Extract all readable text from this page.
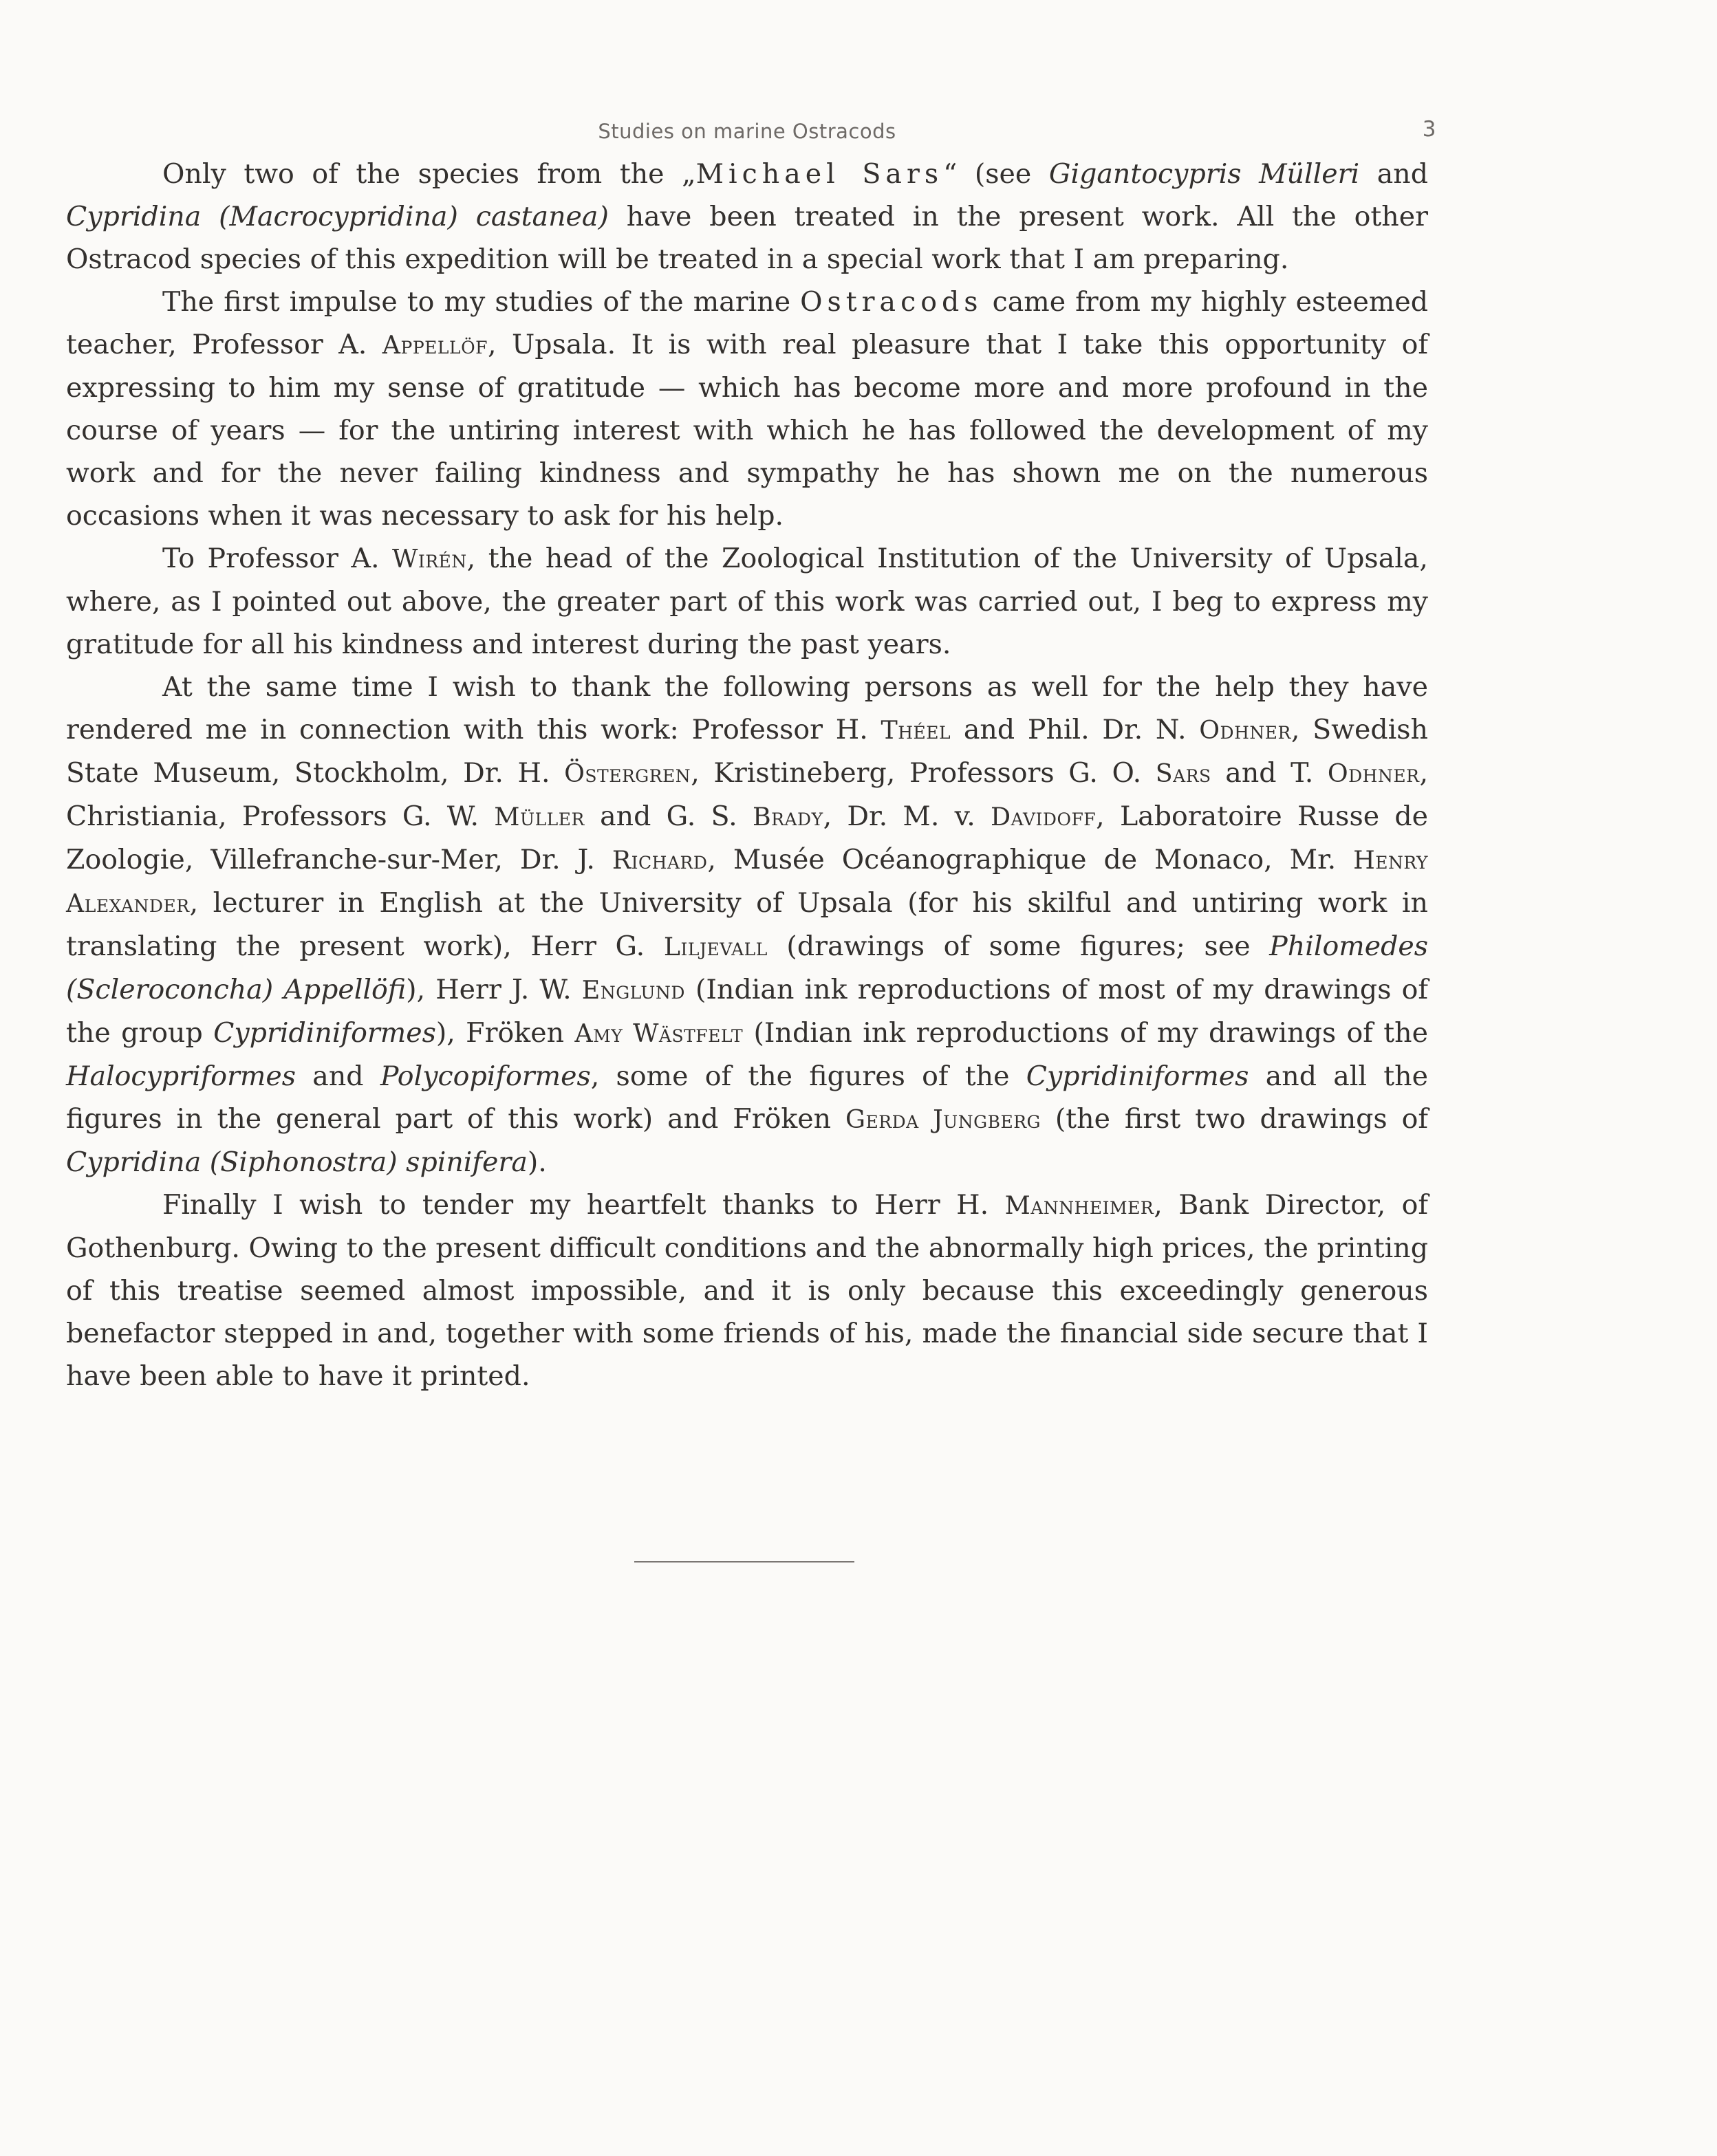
Studies on marine Ostracods	3

Only two of the species from the „Michael Sars“ (see Gigantocypris Mülleri and Cypridina (Macrocypridina) castanea) have been treated in the present work. All the other Ostracod species of this expedition will be treated in a special work that I am preparing.

The first impulse to my studies of the marine Ostracods came from my highly esteemed teacher, Professor A. Appellöf, Upsala. It is with real pleasure that I take this opportunity of expressing to him my sense of gratitude — which has become more and more profound in the course of years — for the untiring interest with which he has followed the development of my work and for the never failing kindness and sympathy he has shown me on the numerous occasions when it was necessary to ask for his help.

To Professor A. Wirén, the head of the Zoological Institution of the University of Upsala, where, as I pointed out above, the greater part of this work was carried out, I beg to express my gratitude for all his kindness and interest during the past years.

At the same time I wish to thank the following persons as well for the help they have rendered me in connection with this work: Professor H. Théel and Phil. Dr. N. Odhner, Swedish State Museum, Stockholm, Dr. H. Östergren, Kristineberg, Professors G. O. Sars and T. Odhner, Christiania, Professors G. W. Müller and G. S. Brady, Dr. M. v. Davidoff, Laboratoire Russe de Zoologie, Villefranche-sur-Mer, Dr. J. Richard, Musée Océanographique de Monaco, Mr. Henry Alexander, lecturer in English at the University of Upsala (for his skilful and untiring work in translating the present work), Herr G. Liljevall (drawings of some figures; see Philomedes (Scleroconcha) Appellöfi), Herr J. W. Englund (Indian ink reproductions of most of my drawings of the group Cypridiniformes), Fröken Amy Wästfelt (Indian ink reproductions of my drawings of the Halocypriformes and Polycopiformes, some of the figures of the Cypridiniformes and all the figures in the general part of this work) and Fröken Gerda Jungberg (the first two drawings of Cypridina (Siphonostra) spinifera).

Finally I wish to tender my heartfelt thanks to Herr H. Mannheimer, Bank Director, of Gothenburg. Owing to the present difficult conditions and the abnormally high prices, the printing of this treatise seemed almost impossible, and it is only because this exceedingly generous benefactor stepped in and, together with some friends of his, made the financial side secure that I have been able to have it printed.
